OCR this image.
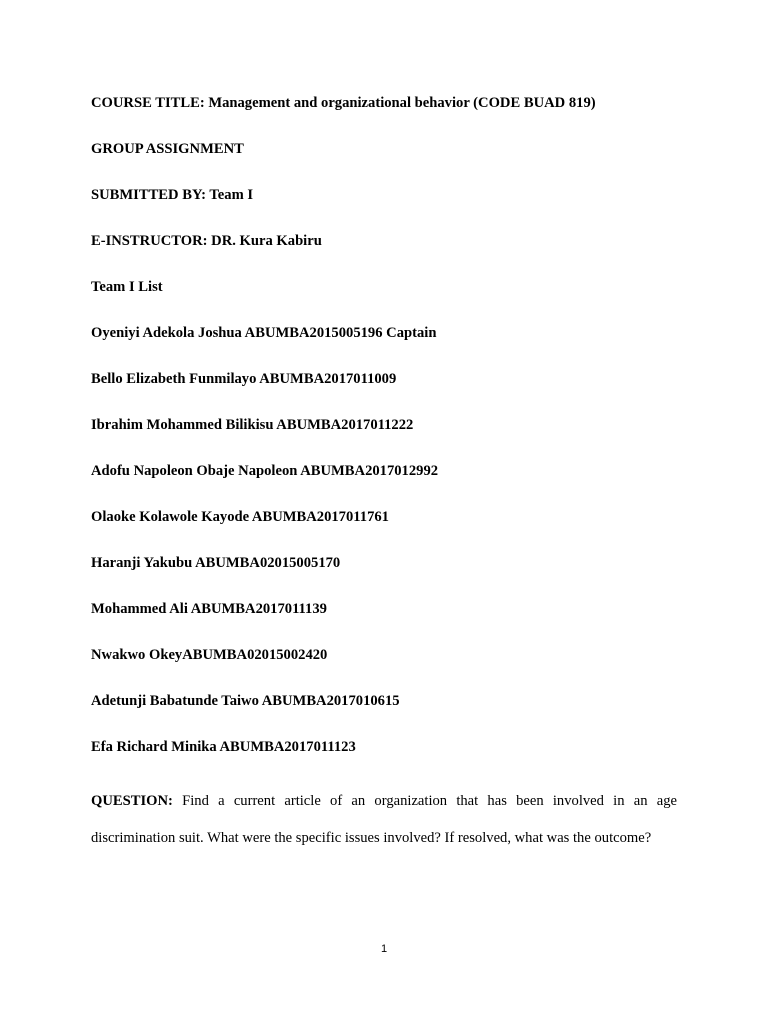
COURSE TITLE: Management and organizational behavior (CODE BUAD 819)
GROUP ASSIGNMENT
SUBMITTED BY: Team I
E-INSTRUCTOR: DR. Kura Kabiru
Team I List
Oyeniyi Adekola Joshua ABUMBA2015005196 Captain
Bello Elizabeth Funmilayo ABUMBA2017011009
Ibrahim Mohammed Bilikisu ABUMBA2017011222
Adofu Napoleon Obaje Napoleon ABUMBA2017012992
Olaoke Kolawole Kayode ABUMBA2017011761
Haranji Yakubu ABUMBA02015005170
Mohammed Ali ABUMBA2017011139
Nwakwo OkeyABUMBA02015002420
Adetunji Babatunde Taiwo ABUMBA2017010615
Efa Richard Minika ABUMBA2017011123
QUESTION: Find a current article of an organization that has been involved in an age discrimination suit. What were the specific issues involved? If resolved, what was the outcome?
1
